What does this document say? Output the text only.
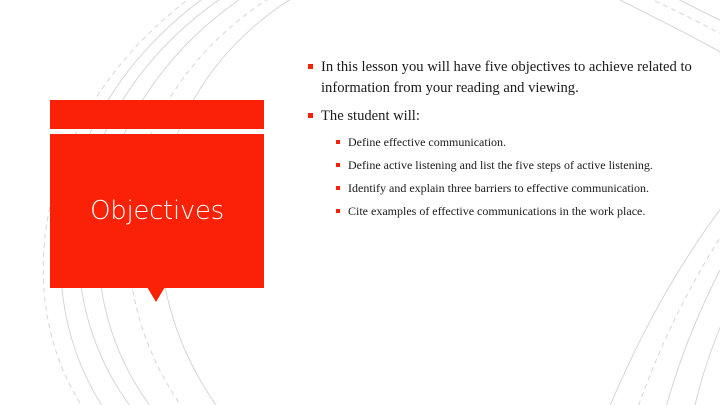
Objectives
In this lesson you will have five objectives to achieve related to information from your reading and viewing.
The student will:
Define effective communication.
Define active listening and list the five steps of active listening.
Identify and explain three barriers to effective communication.
Cite examples of effective communications in the work place.
